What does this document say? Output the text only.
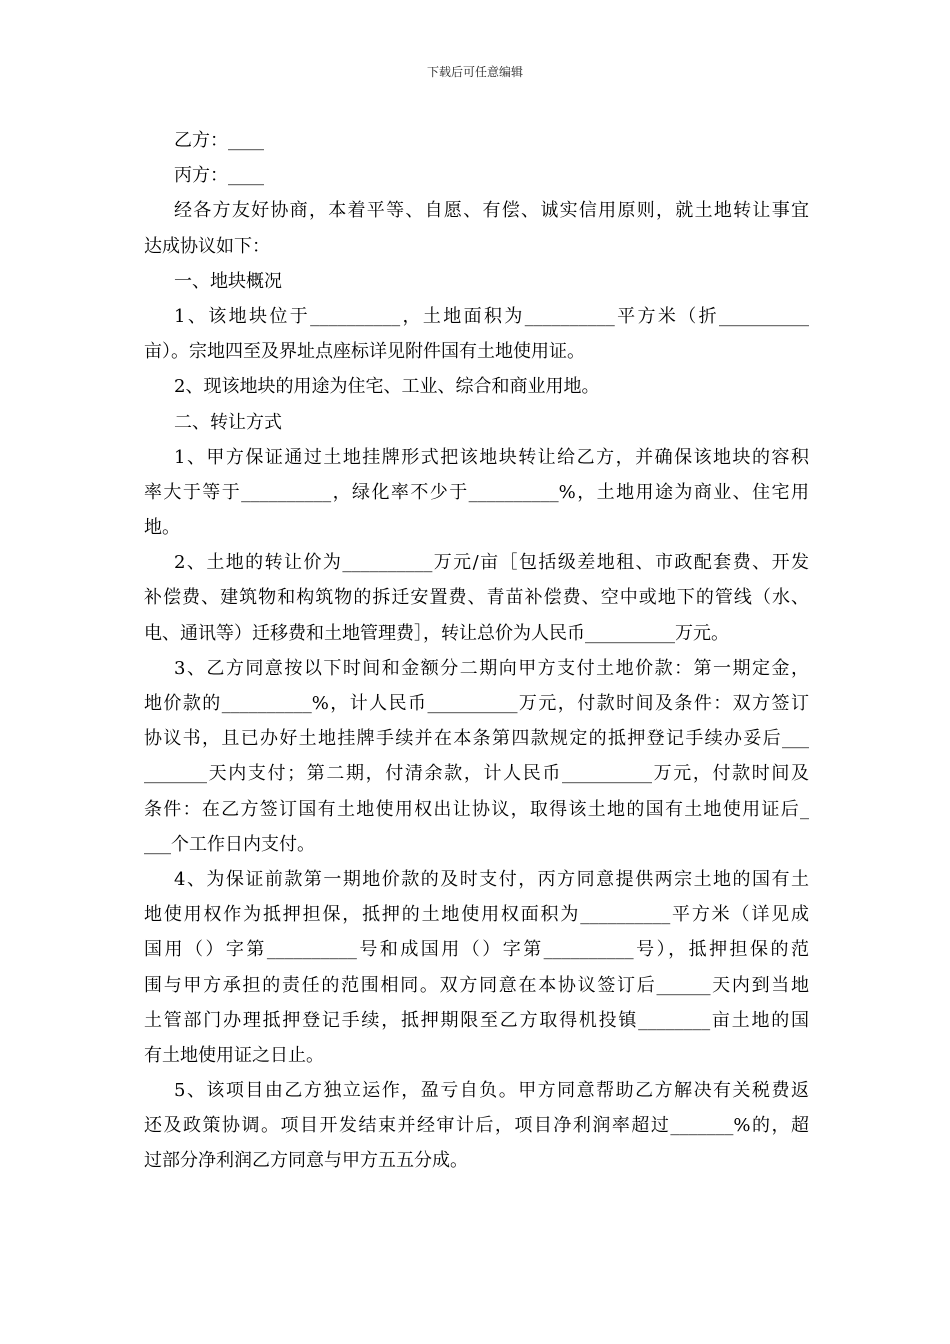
下载后可任意编辑
乙方：____
丙方：____
经各方友好协商，本着平等、自愿、有偿、诚实信用原则，就土地转让事宜
达成协议如下：
一、地块概况
1、该地块位于__________，土地面积为__________平方米（折__________
亩）。宗地四至及界址点座标详见附件国有土地使用证。
2、现该地块的用途为住宅、工业、综合和商业用地。
二、转让方式
1、甲方保证通过土地挂牌形式把该地块转让给乙方，并确保该地块的容积
率大于等于__________，绿化率不少于__________%，土地用途为商业、住宅用
地。
2、土地的转让价为__________万元/亩［包括级差地租、市政配套费、开发
补偿费、建筑物和构筑物的拆迁安置费、青苗补偿费、空中或地下的管线（水、
电、通讯等）迁移费和土地管理费］，转让总价为人民币__________万元。
3、乙方同意按以下时间和金额分二期向甲方支付土地价款：第一期定金，
地价款的__________%，计人民币__________万元，付款时间及条件：双方签订
协议书，且已办好土地挂牌手续并在本条第四款规定的抵押登记手续办妥后___
_______天内支付；第二期，付清余款，计人民币__________万元，付款时间及
条件：在乙方签订国有土地使用权出让协议，取得该土地的国有土地使用证后_
___个工作日内支付。
4、为保证前款第一期地价款的及时支付，丙方同意提供两宗土地的国有土
地使用权作为抵押担保，抵押的土地使用权面积为__________平方米（详见成
国用（）字第__________号和成国用（）字第__________号），抵押担保的范
围与甲方承担的责任的范围相同。双方同意在本协议签订后______天内到当地
土管部门办理抵押登记手续，抵押期限至乙方取得机投镇________亩土地的国
有土地使用证之日止。
5、该项目由乙方独立运作，盈亏自负。甲方同意帮助乙方解决有关税费返
还及政策协调。项目开发结束并经审计后，项目净利润率超过_______%的，超
过部分净利润乙方同意与甲方五五分成。
